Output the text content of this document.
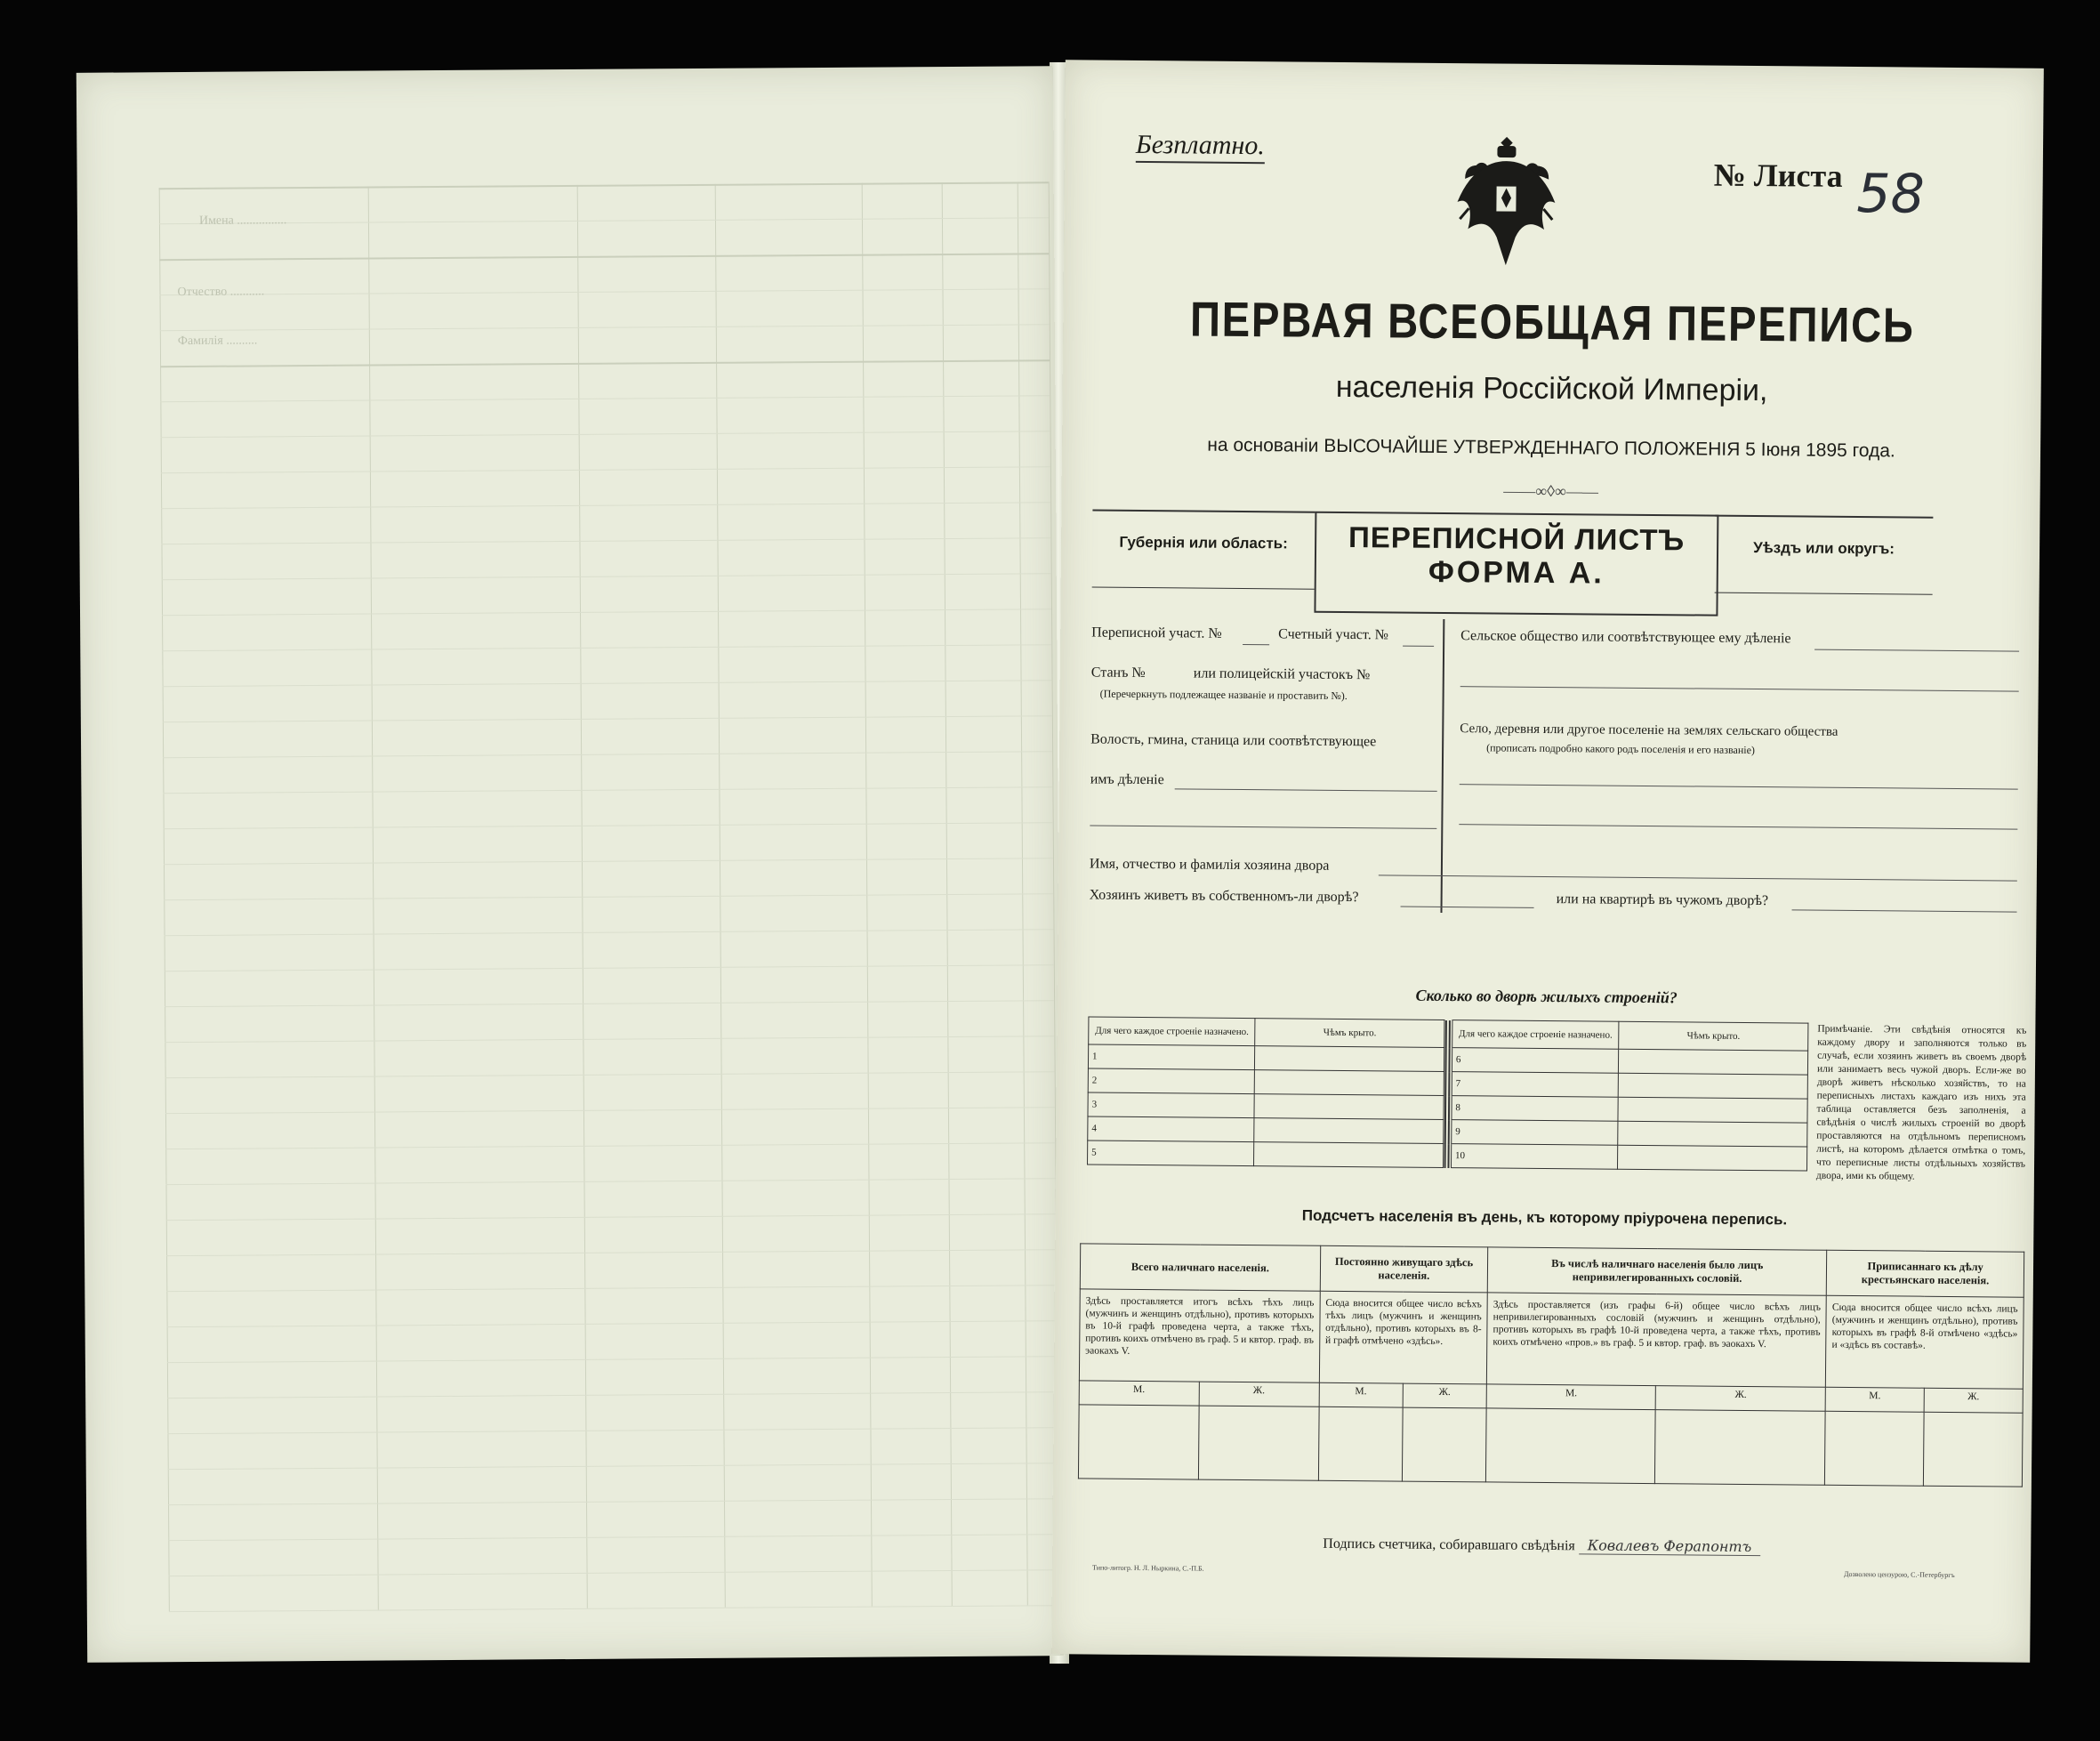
Имена ................
Отчество ...........
Фамилія ..........
Безплатно.
№ Листа 58
ПЕРВАЯ ВСЕОБЩАЯ ПЕРЕПИСЬ
населенія Россійской Имперіи,
на основаніи ВЫСОЧАЙШЕ УТВЕРЖДЕННАГО ПОЛОЖЕНІЯ 5 Іюня 1895 года.
——∞◊∞——
Губернія или область:	ПЕРЕПИСНОЙ ЛИСТЪ
ФОРМА А.
Уѣздъ или округъ:
Переписной участ. №	Счетный участ. №
Станъ №	или полицейскій участокъ №
(Перечеркнуть подлежащее названіе и проставить №).
Волость, гмина, станица или соотвѣтствующее
имъ дѣленіе
Сельское общество или соотвѣтствующее ему дѣленіе
Село, деревня или другое поселеніе на землях сельскаго общества
(прописать подробно какого родъ поселенія и его названіе)
Имя, отчество и фамилія хозяина двора
Хозяинъ живетъ въ собственномъ-ли дворѣ?	или на квартирѣ въ чужомъ дворѣ?
Сколько во дворѣ жилыхъ строеній?
Для чего каждое строеніе назначено.	Чѣмъ крыто.		Для чего каждое строеніе назначено.	Чѣмъ крыто.
1			6	
2			7	
3			8	
4			9	
5			10	
Примѣчаніе. Эти свѣдѣнія относятся къ каждому двору и заполняются только въ случаѣ, если хозяинъ живетъ въ своемъ дворѣ или занимаетъ весь чужой дворъ. Если-же во дворѣ живетъ нѣсколько хозяйствъ, то на переписныхъ листахъ каждаго изъ нихъ эта таблица оставляется безъ заполненія, а свѣдѣнія о числѣ жилыхъ строеній во дворѣ проставляются на отдѣльномъ переписномъ листѣ, на которомъ дѣлается отмѣтка о томъ, что переписные листы отдѣльныхъ хозяйствъ двора, ими къ общему.
Подсчетъ населенія въ день, къ которому пріурочена перепись.
Всего наличнаго населенія.		Постоянно живущаго здѣсь населенія.		Въ числѣ наличнаго населенія было лицъ непривилегированныхъ сословій.		Приписаннаго къ дѣлу крестьянскаго населенія.	
Здѣсь проставляется итогъ всѣхъ тѣхъ лицъ (мужчинъ и женщинъ отдѣльно), противъ которыхъ въ 10-й графѣ проведена черта, а также тѣхъ, противъ коихъ отмѣчено въ граф. 5 и квтор. граф. въ эаокахъ V.		Сюда вносится общее число всѣхъ тѣхъ лицъ (мужчинъ и женщинъ отдѣльно), противъ которыхъ въ 8-й графѣ отмѣчено «здѣсь».		Здѣсь проставляется (изъ графы 6-й) общее число всѣхъ лицъ непривилегированныхъ сословій (мужчинъ и женщинъ отдѣльно), противъ которыхъ въ графѣ 10-й проведена черта, а также тѣхъ, противъ коихъ отмѣчено «пров.» въ граф. 5 и квтор. граф. въ эаокахъ V.		Сюда вносится общее число всѣхъ лицъ (мужчинъ и женщинъ отдѣльно), противъ которыхъ въ графѣ 8-й отмѣчено «здѣсь» и «здѣсь въ составѣ».	
М.	Ж.	М.	Ж.	М.	Ж.	М.	Ж.

Подпись счетчика, собиравшаго свѣдѣнія Ковалевъ Ферапонтъ
Типо-литогр. Н. Л. Ныркина, С.-П.Б.
Дозволено цензурою, С.-Петербургъ
